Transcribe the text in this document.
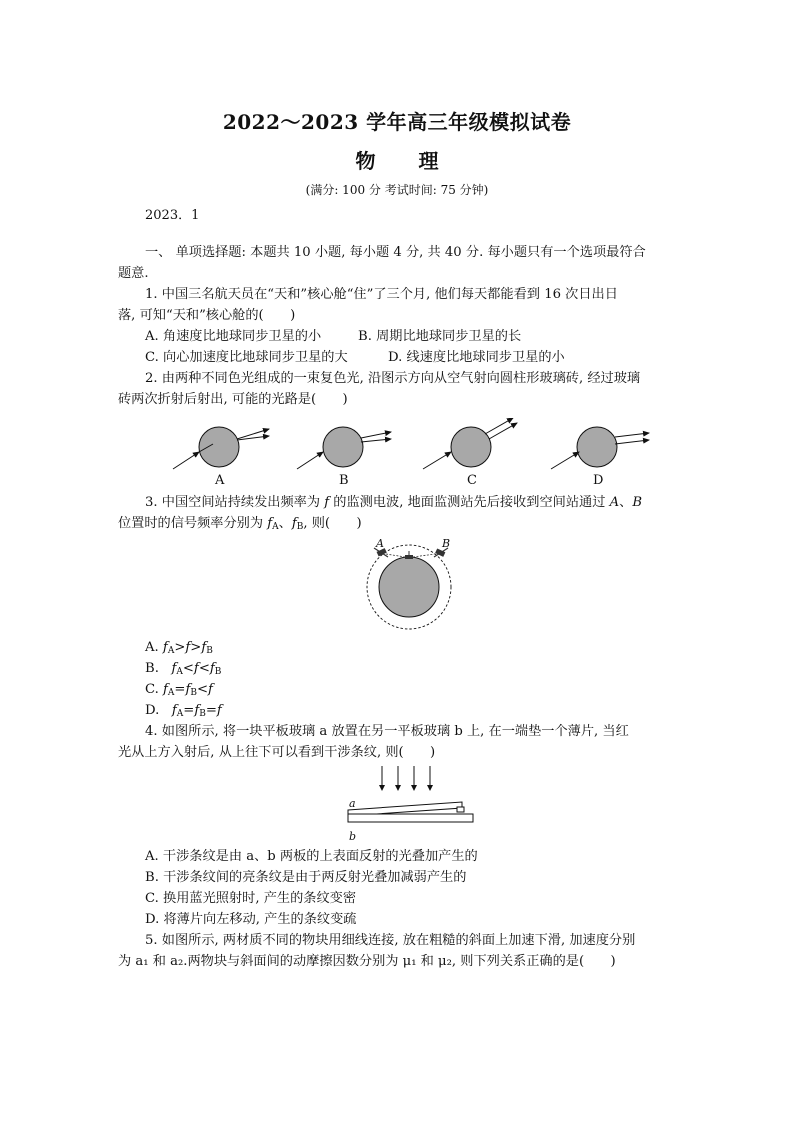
2022～2023 学年高三年级模拟试卷
物 理
(满分: 100 分 考试时间: 75 分钟)
2023．1
一、 单项选择题: 本题共 10 小题, 每小题 4 分, 共 40 分. 每小题只有一个选项最符合
题意.
1. 中国三名航天员在“天和”核心舱“住”了三个月, 他们每天都能看到 16 次日出日
落, 可知“天和”核心舱的(　　)
A. 角速度比地球同步卫星的小	B. 周期比地球同步卫星的长
C. 向心加速度比地球同步卫星的大	D. 线速度比地球同步卫星的小
2. 由两种不同色光组成的一束复色光, 沿图示方向从空气射向圆柱形玻璃砖, 经过玻璃
砖两次折射后射出, 可能的光路是(　　)
A	B	C	D
3. 中国空间站持续发出频率为 f 的监测电波, 地面监测站先后接收到空间站通过 A、B
位置时的信号频率分别为 $f_A$、$f_B$, 则(　　)
A	B
A. $f_A>f>f_B$
B.   $f_A<f<f_B$
C. $f_A=f_B<f$
D.   $f_A=f_B=f$
4. 如图所示, 将一块平板玻璃 a 放置在另一平板玻璃 b 上, 在一端垫一个薄片, 当红
光从上方入射后, 从上往下可以看到干涉条纹, 则(　　)
a
b
A. 干涉条纹是由 a、b 两板的上表面反射的光叠加产生的
B. 干涉条纹间的亮条纹是由于两反射光叠加减弱产生的
C. 换用蓝光照射时, 产生的条纹变密
D. 将薄片向左移动, 产生的条纹变疏
5. 如图所示, 两材质不同的物块用细线连接, 放在粗糙的斜面上加速下滑, 加速度分别
为 a₁ 和 a₂.两物块与斜面间的动摩擦因数分别为 μ₁ 和 μ₂, 则下列关系正确的是(　　)
